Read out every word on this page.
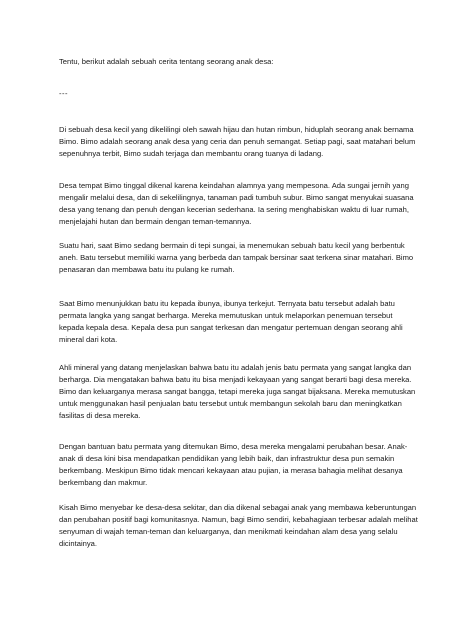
Tentu, berikut adalah sebuah cerita tentang seorang anak desa:

---

Di sebuah desa kecil yang dikelilingi oleh sawah hijau dan hutan rimbun, hiduplah seorang anak bernama Bimo. Bimo adalah seorang anak desa yang ceria dan penuh semangat. Setiap pagi, saat matahari belum sepenuhnya terbit, Bimo sudah terjaga dan membantu orang tuanya di ladang.

Desa tempat Bimo tinggal dikenal karena keindahan alamnya yang mempesona. Ada sungai jernih yang mengalir melalui desa, dan di sekelilingnya, tanaman padi tumbuh subur. Bimo sangat menyukai suasana desa yang tenang dan penuh dengan kecerian sederhana. Ia sering menghabiskan waktu di luar rumah, menjelajahi hutan dan bermain dengan teman-temannya.

Suatu hari, saat Bimo sedang bermain di tepi sungai, ia menemukan sebuah batu kecil yang berbentuk aneh. Batu tersebut memiliki warna yang berbeda dan tampak bersinar saat terkena sinar matahari. Bimo penasaran dan membawa batu itu pulang ke rumah.

Saat Bimo menunjukkan batu itu kepada ibunya, ibunya terkejut. Ternyata batu tersebut adalah batu permata langka yang sangat berharga. Mereka memutuskan untuk melaporkan penemuan tersebut kepada kepala desa. Kepala desa pun sangat terkesan dan mengatur pertemuan dengan seorang ahli mineral dari kota.

Ahli mineral yang datang menjelaskan bahwa batu itu adalah jenis batu permata yang sangat langka dan berharga. Dia mengatakan bahwa batu itu bisa menjadi kekayaan yang sangat berarti bagi desa mereka. Bimo dan keluarganya merasa sangat bangga, tetapi mereka juga sangat bijaksana. Mereka memutuskan untuk menggunakan hasil penjualan batu tersebut untuk membangun sekolah baru dan meningkatkan fasilitas di desa mereka.

Dengan bantuan batu permata yang ditemukan Bimo, desa mereka mengalami perubahan besar. Anak-anak di desa kini bisa mendapatkan pendidikan yang lebih baik, dan infrastruktur desa pun semakin berkembang. Meskipun Bimo tidak mencari kekayaan atau pujian, ia merasa bahagia melihat desanya berkembang dan makmur.

Kisah Bimo menyebar ke desa-desa sekitar, dan dia dikenal sebagai anak yang membawa keberuntungan dan perubahan positif bagi komunitasnya. Namun, bagi Bimo sendiri, kebahagiaan terbesar adalah melihat senyuman di wajah teman-teman dan keluarganya, dan menikmati keindahan alam desa yang selalu dicintainya.
